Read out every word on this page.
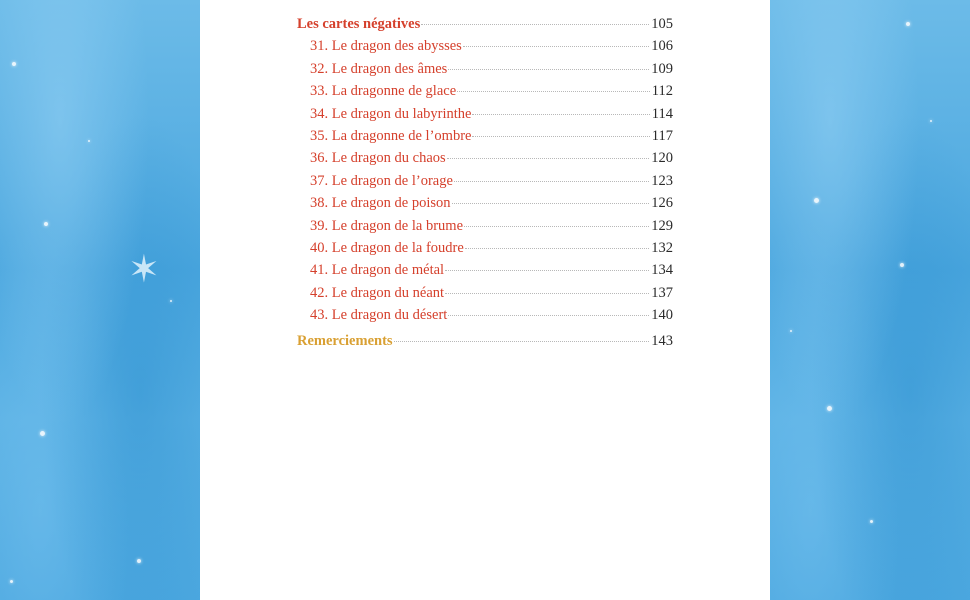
✶
Les cartes négatives	105
31. Le dragon des abysses	106
32. Le dragon des âmes	109
33. La dragonne de glace	112
34. Le dragon du labyrinthe	114
35. La dragonne de l’ombre	117
36. Le dragon du chaos	120
37. Le dragon de l’orage	123
38. Le dragon de poison	126
39. Le dragon de la brume	129
40. Le dragon de la foudre	132
41. Le dragon de métal	134
42. Le dragon du néant	137
43. Le dragon du désert	140
Remerciements	143
